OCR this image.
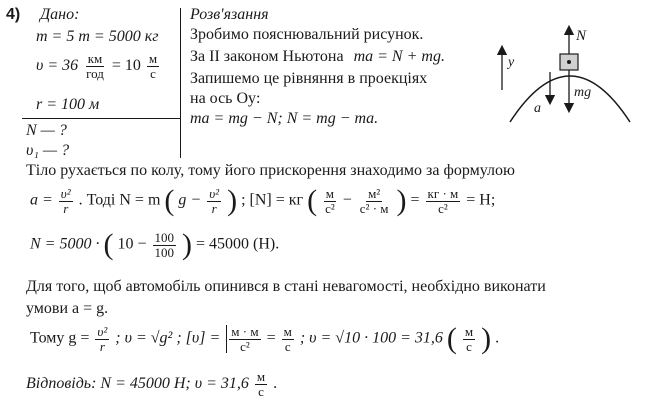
4) Дано:
m = 5 т = 5000 кг
$\upsilon = 36 \frac{км}{\text{год}} = 10 \frac{м}{с}$
r = 100 м
N — ?
υ₁ — ?
Розв'язання
Зробимо пояснювальний рисунок.
За II законом Ньютона ma = N + mg.
Запишемо це рівняння в проекціях
на ось Oy:
ma = mg − N; N = mg − ma.
N
y
mg
a
Тіло рухається по колу, тому його прискорення знаходимо за формулою
$a = \frac{\text{υ²}}{r}$ . Тоді N = m ( $g - \frac{\text{υ²}}{r}$ ) ; [N] = кг ( $\frac{м}{\text{с²}} - \frac{\text{м²}}{\text{с² · м}}$ ) = $\frac{кг \cdot м}{\text{с²}} = Н$;
N = 5000 · ( $10 - \frac{100}{100}$ ) = 45000 (Н).
Для того, щоб автомобіль опинився в стані невагомості, необхідно виконати
умови a = g.
Тому $g = \frac{\text{υ²}}{r}$ ; υ = √g² ; $[\upsilon] = \frac{м \cdot м}{\text{с²}} = \frac{м}{с}$ ; υ = √10 · 100 = 31,6 ( $\frac{м}{с}$ ) .
Відповідь: N = 45000 Н; $\upsilon = 31,6 \frac{м}{с}$ .
